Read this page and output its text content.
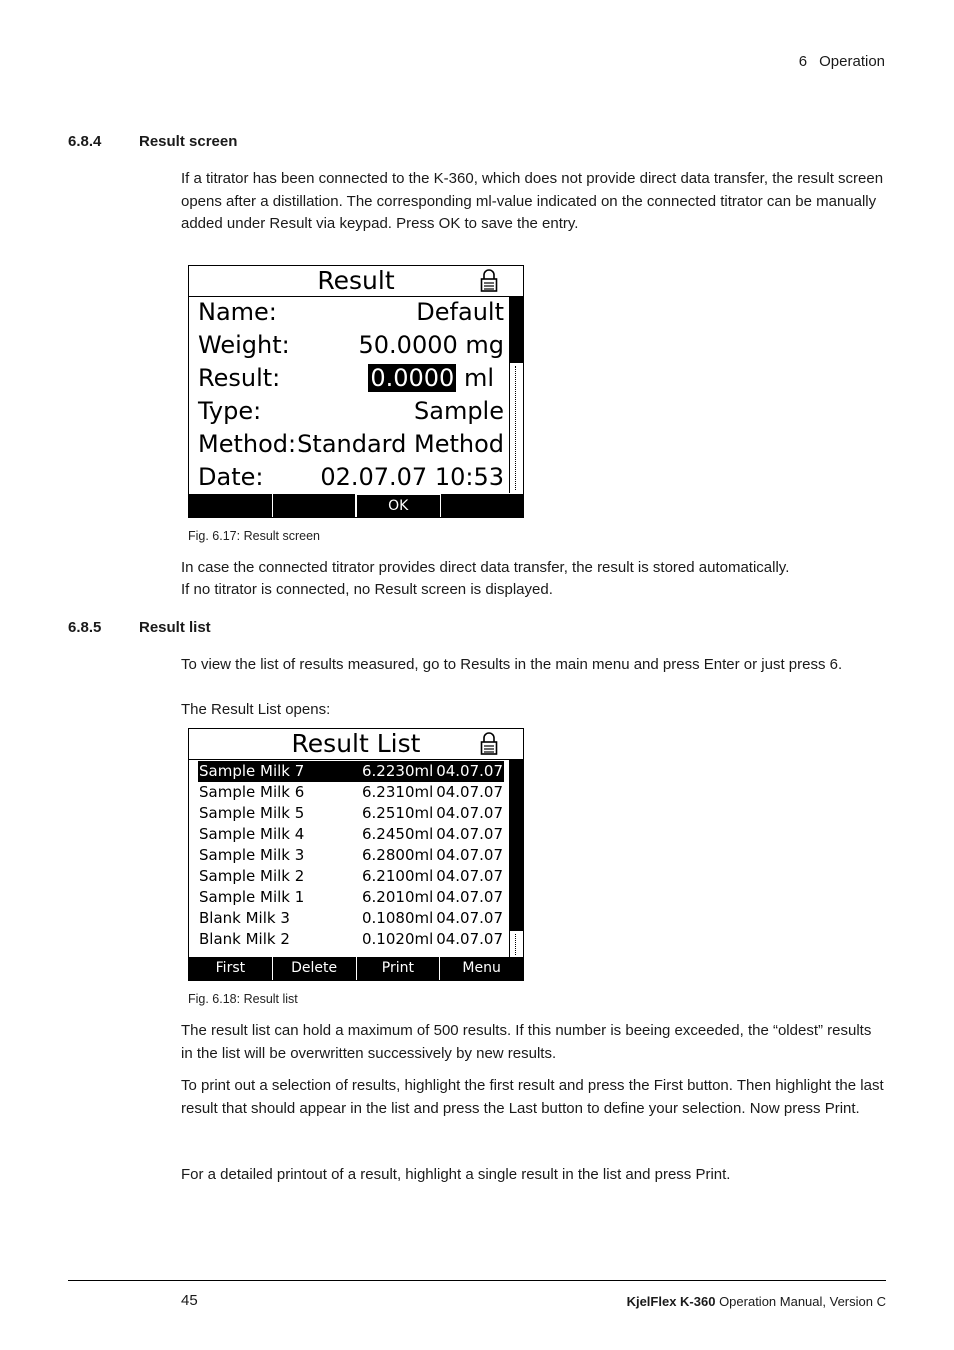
6 Operation
6.8.4	Result screen
If a titrator has been connected to the K-360, which does not provide direct data transfer, the result screen opens after a distillation. The corresponding ml-value indicated on the connected titrator can be manually added under Result via keypad. Press OK to save the entry.
Result
Name:	Default
Weight:	50.0000 mg
Result:	0.0000 ml
Type:	Sample
Method: Standard Method
Date: 02.07.07 10:53
OK
Fig. 6.17: Result screen
In case the connected titrator provides direct data transfer, the result is stored automatically.
If no titrator is connected, no Result screen is displayed.
6.8.5	Result list
To view the list of results measured, go to Results in the main menu and press Enter or just press 6.
The Result List opens:
Result List
Sample Milk 7	6.2230ml 04.07.07
Sample Milk 6	6.2310ml 04.07.07
Sample Milk 5	6.2510ml 04.07.07
Sample Milk 4	6.2450ml 04.07.07
Sample Milk 3	6.2800ml 04.07.07
Sample Milk 2	6.2100ml 04.07.07
Sample Milk 1	6.2010ml 04.07.07
Blank Milk 3	0.1080ml 04.07.07
Blank Milk 2	0.1020ml 04.07.07
First	Delete	Print	Menu
Fig. 6.18: Result list
The result list can hold a maximum of 500 results. If this number is beeing exceeded, the “oldest” results in the list will be overwritten successively by new results.
To print out a selection of results, highlight the first result and press the First button. Then highlight the last result that should appear in the list and press the Last button to define your selection. Now press Print.
For a detailed printout of a result, highlight a single result in the list and press Print.
45	KjelFlex K-360 Operation Manual, Version C
